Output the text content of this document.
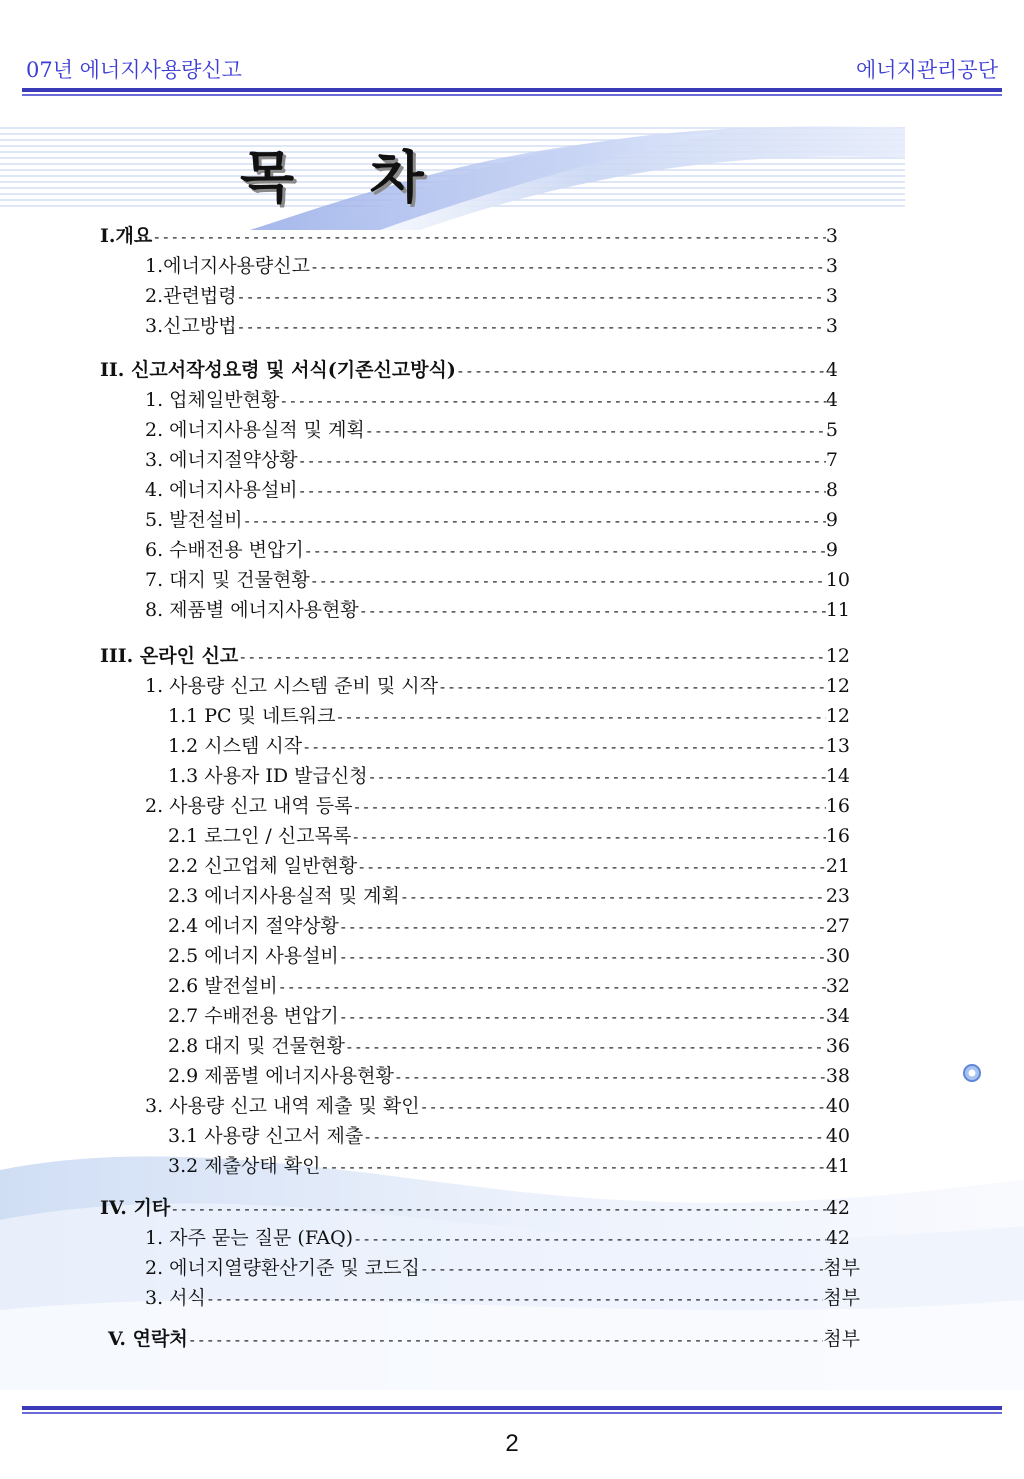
07년 에너지사용량신고	에너지관리공단
목 차
I.개요 -----	3
1.에너지사용량신고 -----	3
2.관련법령 -----	3
3.신고방법 -----	3
II. 신고서작성요령 및 서식(기존신고방식) -----	4
1. 업체일반현황 -----	4
2. 에너지사용실적 및 계획 -----	5
3. 에너지절약상황 -----	7
4. 에너지사용설비 -----	8
5. 발전설비 -----	9
6. 수배전용 변압기 -----	9
7. 대지 및 건물현황 -----	10
8. 제품별 에너지사용현황 -----	11
III. 온라인 신고 -----	12
1. 사용량 신고 시스템 준비 및 시작 -----	12
1.1 PC 및 네트워크 -----	12
1.2 시스템 시작 -----	13
1.3 사용자 ID 발급신청 -----	14
2. 사용량 신고 내역 등록 -----	16
2.1 로그인 / 신고목록 -----	16
2.2 신고업체 일반현황 -----	21
2.3 에너지사용실적 및 계획 -----	23
2.4 에너지 절약상황 -----	27
2.5 에너지 사용설비 -----	30
2.6 발전설비 -----	32
2.7 수배전용 변압기 -----	34
2.8 대지 및 건물현황 -----	36
2.9 제품별 에너지사용현황 -----	38
3. 사용량 신고 내역 제출 및 확인 -----	40
3.1 사용량 신고서 제출 -----	40
3.2 제출상태 확인 -----	41
IV. 기타 -----	42
1. 자주 묻는 질문 (FAQ) -----	42
2. 에너지열량환산기준 및 코드집 -----	첨부
3. 서식 -----	첨부
V. 연락처 -----	첨부
2
